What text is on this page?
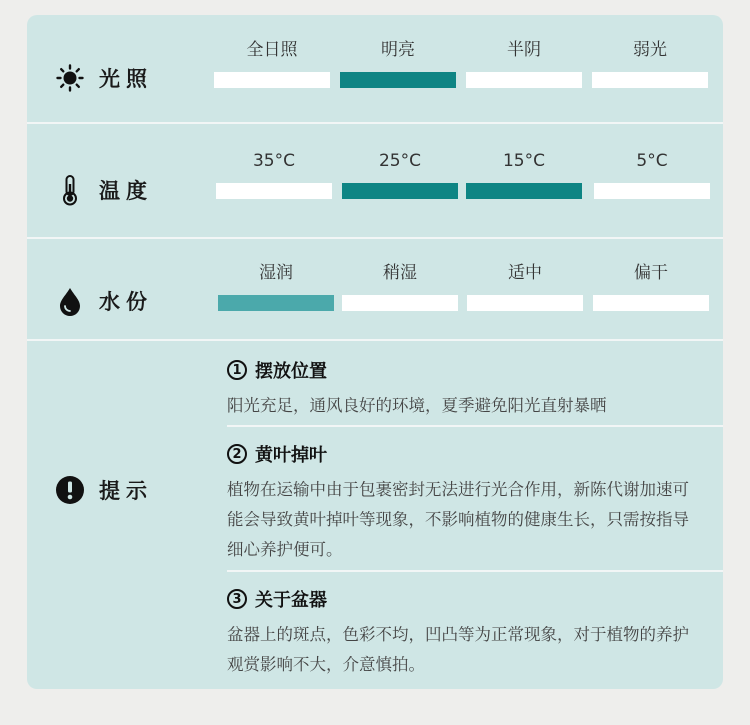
光照
全日照	明亮	半阴	弱光
温度
35°C	25°C	15°C	5°C
水份
湿润	稍湿	适中	偏干
提示
1 摆放位置
阳光充足，通风良好的环境，夏季避免阳光直射暴晒
2 黄叶掉叶
植物在运输中由于包裹密封无法进行光合作用，新陈代谢加速可能会导致黄叶掉叶等现象，不影响植物的健康生长，只需按指导细心养护便可。
3 关于盆器
盆器上的斑点，色彩不均，凹凸等为正常现象，对于植物的养护观赏影响不大，介意慎拍。
